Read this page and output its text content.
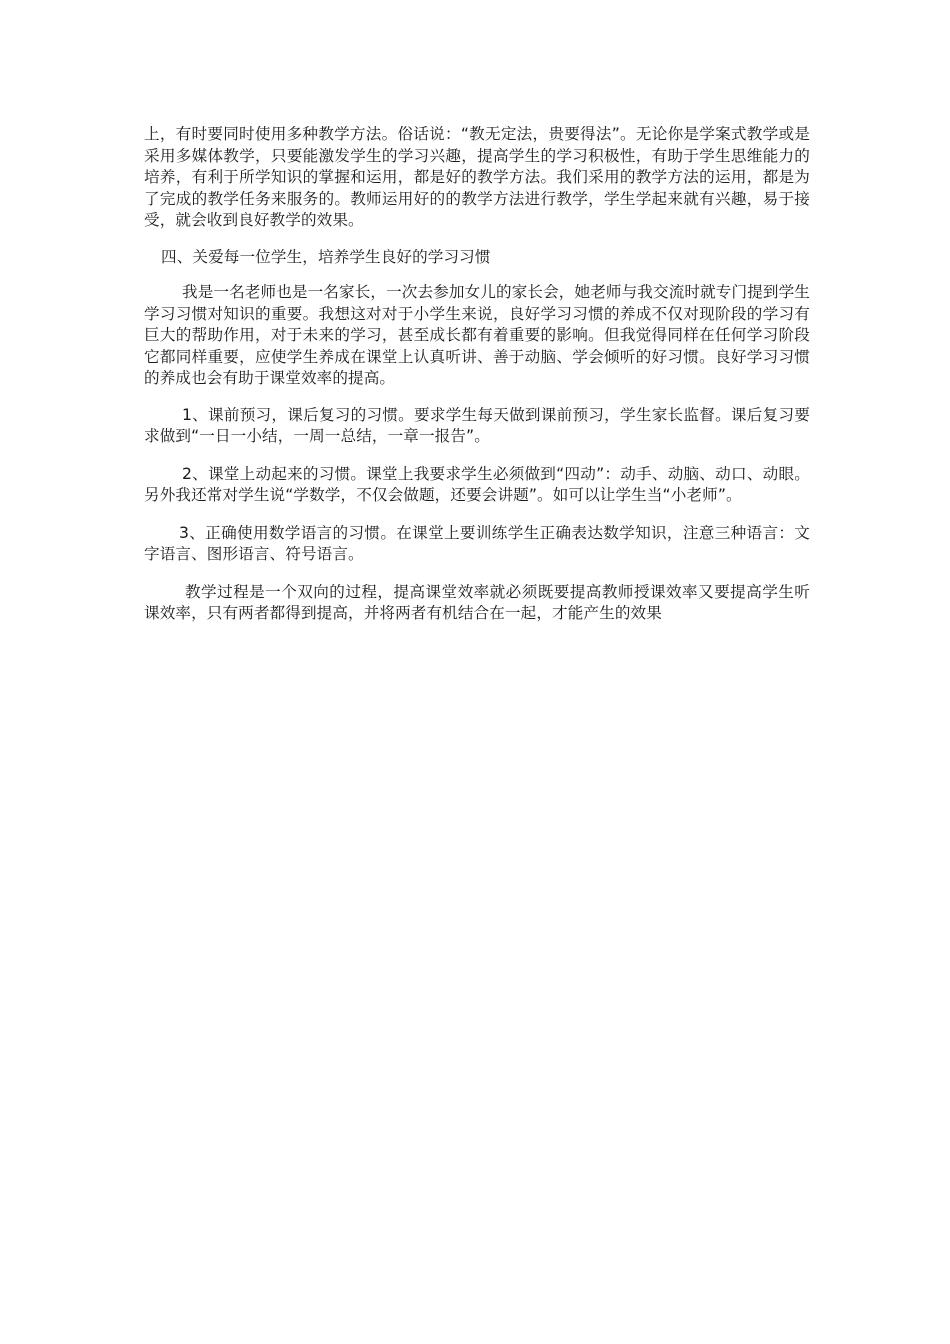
上，有时要同时使用多种教学方法。俗话说：“教无定法，贵要得法”。无论你是学案式教学或是采用多媒体教学，只要能激发学生的学习兴趣，提高学生的学习积极性，有助于学生思维能力的培养，有利于所学知识的掌握和运用，都是好的教学方法。我们采用的教学方法的运用，都是为了完成的教学任务来服务的。教师运用好的的教学方法进行教学，学生学起来就有兴趣，易于接受，就会收到良好教学的效果。

四、关爱每一位学生，培养学生良好的学习习惯

我是一名老师也是一名家长，一次去参加女儿的家长会，她老师与我交流时就专门提到学生学习习惯对知识的重要。我想这对对于小学生来说，良好学习习惯的养成不仅对现阶段的学习有巨大的帮助作用，对于未来的学习，甚至成长都有着重要的影响。但我觉得同样在任何学习阶段它都同样重要，应使学生养成在课堂上认真听讲、善于动脑、学会倾听的好习惯。良好学习习惯的养成也会有助于课堂效率的提高。

1、课前预习，课后复习的习惯。要求学生每天做到课前预习，学生家长监督。课后复习要求做到“一日一小结，一周一总结，一章一报告”。

2、课堂上动起来的习惯。课堂上我要求学生必须做到“四动”：动手、动脑、动口、动眼。另外我还常对学生说“学数学，不仅会做题，还要会讲题”。如可以让学生当“小老师”。

3、正确使用数学语言的习惯。在课堂上要训练学生正确表达数学知识，注意三种语言：文字语言、图形语言、符号语言。

教学过程是一个双向的过程，提高课堂效率就必须既要提高教师授课效率又要提高学生听课效率，只有两者都得到提高，并将两者有机结合在一起，才能产生的效果
